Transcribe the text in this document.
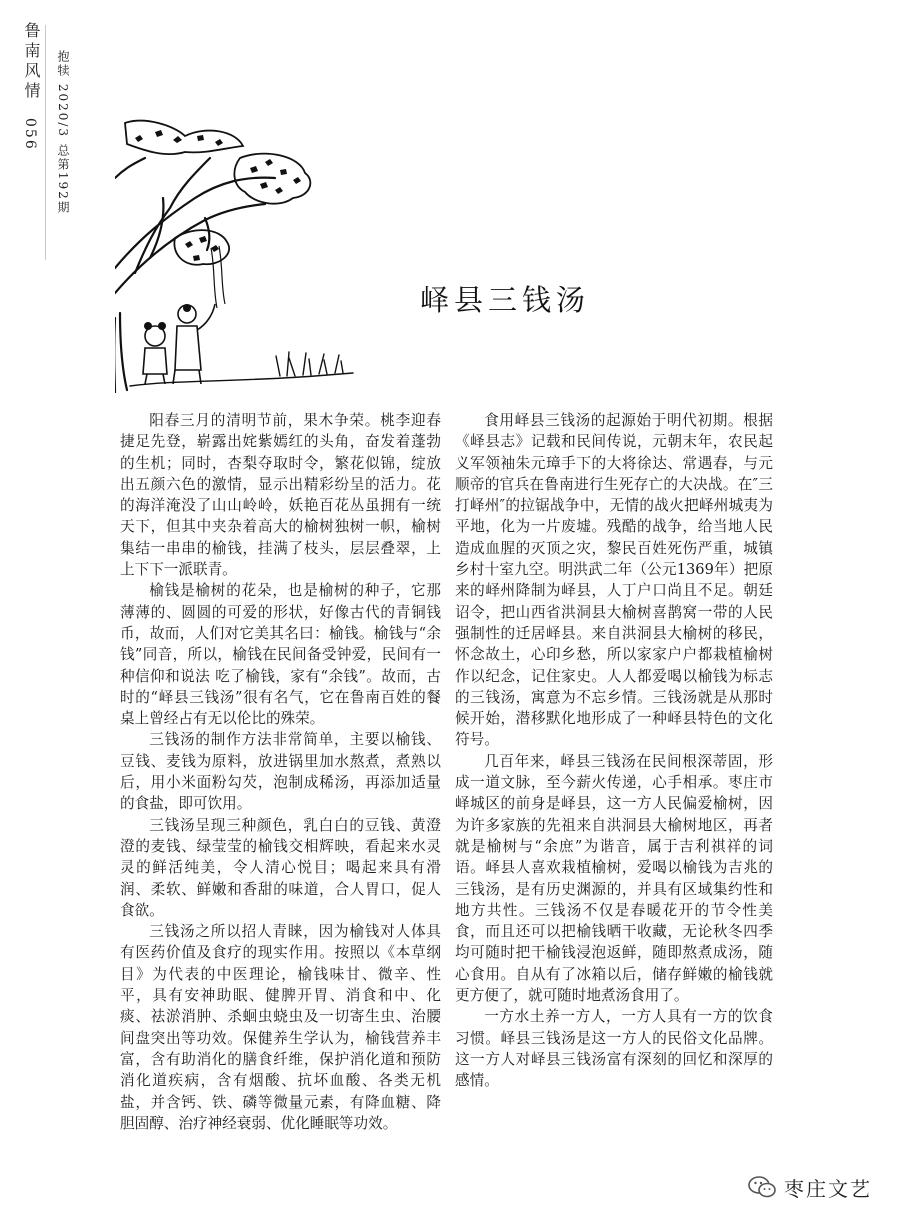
鲁南风情
056 抱犊 2020/3 总第192期
峄县三钱汤

阳春三月的清明节前，果木争荣。桃李迎春捷足先登，崭露出姹紫嫣红的头角，奋发着蓬勃的生机；同时，杏梨夺取时令，繁花似锦，绽放出五颜六色的激情，显示出精彩纷呈的活力。花的海洋淹没了山山岭岭，妖艳百花丛虽拥有一统天下，但其中夹杂着高大的榆树独树一帜，榆树集结一串串的榆钱，挂满了枝头，层层叠翠，上上下下一派联青。

榆钱是榆树的花朵，也是榆树的种子，它那薄薄的、圆圆的可爱的形状，好像古代的青铜钱币，故而，人们对它美其名曰：榆钱。榆钱与“余钱”同音，所以，榆钱在民间备受钟爱，民间有一种信仰和说法 吃了榆钱，家有“余钱”。故而，古时的“峄县三钱汤”很有名气，它在鲁南百姓的餐桌上曾经占有无以伦比的殊荣。

三钱汤的制作方法非常简单，主要以榆钱、豆钱、麦钱为原料，放进锅里加水熬煮，煮熟以后，用小米面粉勾芡，泡制成稀汤，再添加适量的食盐，即可饮用。

三钱汤呈现三种颜色，乳白白的豆钱、黄澄澄的麦钱、绿莹莹的榆钱交相辉映，看起来水灵灵的鲜活纯美，令人清心悦目；喝起来具有滑润、柔软、鲜嫩和香甜的味道，合人胃口，促人食欲。

三钱汤之所以招人青睐，因为榆钱对人体具有医药价值及食疗的现实作用。按照以《本草纲目》为代表的中医理论，榆钱味甘、微辛、性平，具有安神助眠、健脾开胃、消食和中、化痰、祛淤消肿、杀蛔虫蛲虫及一切寄生虫、治腰间盘突出等功效。保健养生学认为，榆钱营养丰富，含有助消化的膳食纤维，保护消化道和预防消化道疾病，含有烟酸、抗坏血酸、各类无机盐，并含钙、铁、磷等微量元素，有降血糖、降胆固醇、治疗神经衰弱、优化睡眠等功效。

食用峄县三钱汤的起源始于明代初期。根据《峄县志》记载和民间传说，元朝末年，农民起义军领袖朱元璋手下的大将徐达、常遇春，与元顺帝的官兵在鲁南进行生死存亡的大决战。在″三打峄州″的拉锯战争中，无情的战火把峄州城夷为平地，化为一片废墟。残酷的战争，给当地人民造成血腥的灭顶之灾，黎民百姓死伤严重，城镇乡村十室九空。明洪武二年（公元1369年）把原来的峄州降制为峄县，人丁户口尚且不足。朝廷诏令，把山西省洪洞县大榆树喜鹊窝一带的人民强制性的迁居峄县。来自洪洞县大榆树的移民，怀念故土，心印乡愁，所以家家户户都栽植榆树作以纪念，记住家史。人人都爱喝以榆钱为标志的三钱汤，寓意为不忘乡情。三钱汤就是从那时候开始，潜移默化地形成了一种峄县特色的文化符号。

几百年来，峄县三钱汤在民间根深蒂固，形成一道文脉，至今薪火传递，心手相承。枣庄市峄城区的前身是峄县，这一方人民偏爱榆树，因为许多家族的先祖来自洪洞县大榆树地区，再者就是榆树与“余庶”为谐音，属于吉利祺祥的词语。峄县人喜欢栽植榆树，爱喝以榆钱为吉兆的三钱汤，是有历史渊源的，并具有区域集约性和地方共性。三钱汤不仅是春暖花开的节令性美食，而且还可以把榆钱晒干收藏，无论秋冬四季均可随时把干榆钱浸泡返鲜，随即熬煮成汤，随心食用。自从有了冰箱以后，储存鲜嫩的榆钱就更方便了，就可随时地煮汤食用了。

一方水土养一方人，一方人具有一方的饮食习惯。峄县三钱汤是这一方人的民俗文化品牌。这一方人对峄县三钱汤富有深刻的回忆和深厚的感情。

枣庄文艺
